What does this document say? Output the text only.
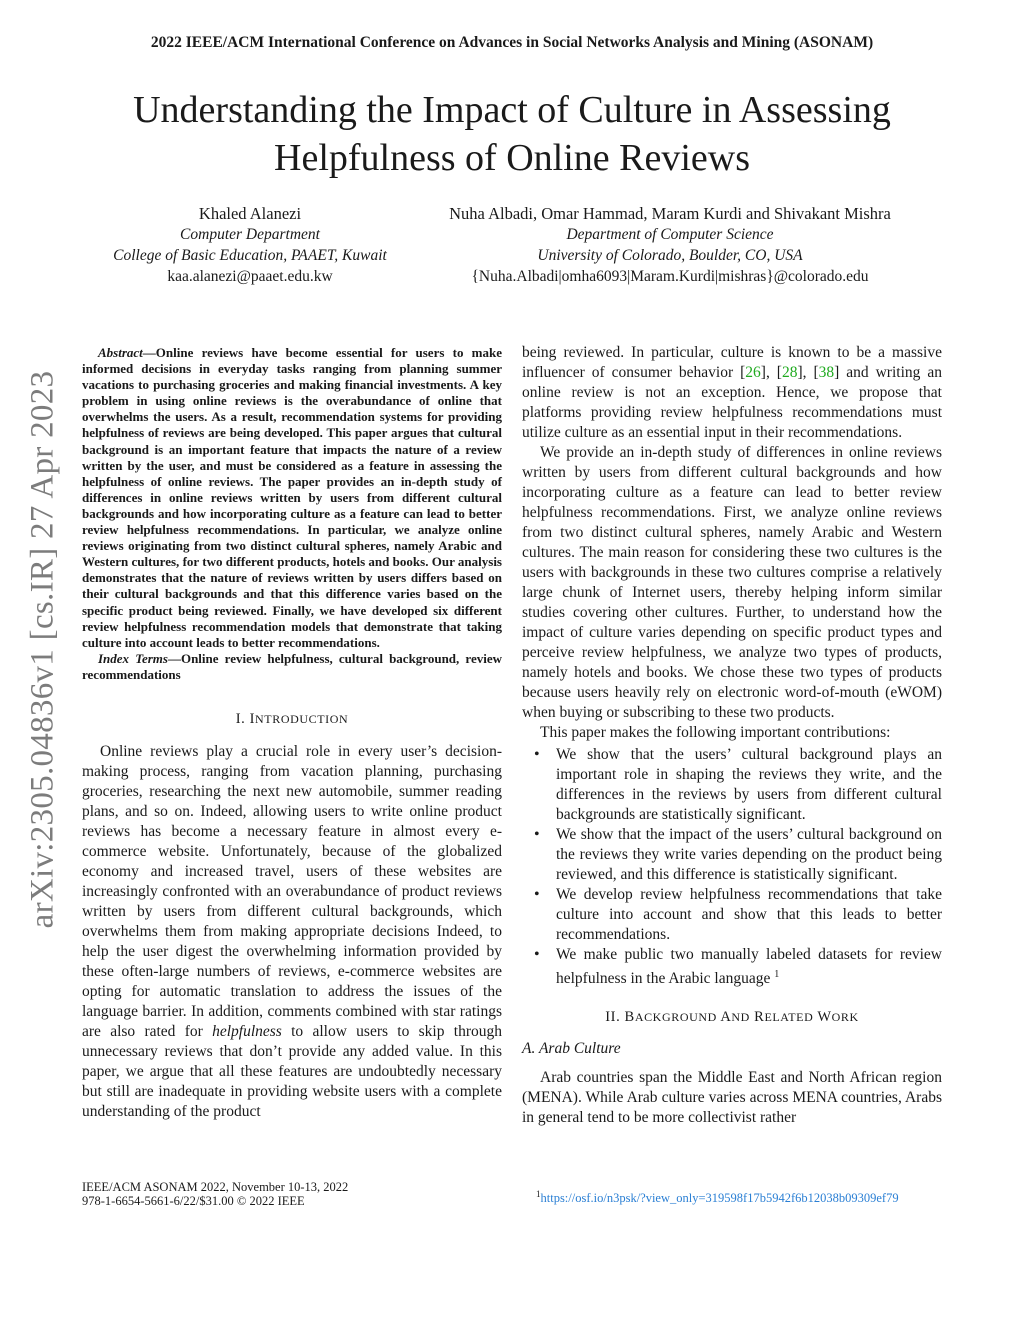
2022 IEEE/ACM International Conference on Advances in Social Networks Analysis and Mining (ASONAM)
Understanding the Impact of Culture in Assessing
Helpfulness of Online Reviews
Khaled Alanezi
Computer Department
College of Basic Education, PAAET, Kuwait
kaa.alanezi@paaet.edu.kw
Nuha Albadi, Omar Hammad, Maram Kurdi and Shivakant Mishra
Department of Computer Science
University of Colorado, Boulder, CO, USA
{Nuha.Albadi|omha6093|Maram.Kurdi|mishras}@colorado.edu
arXiv:2305.04836v1 [cs.IR] 27 Apr 2023

Abstract—Online reviews have become essential for users to make informed decisions in everyday tasks ranging from planning summer vacations to purchasing groceries and making financial investments. A key problem in using online reviews is the overabundance of online that overwhelms the users. As a result, recommendation systems for providing helpfulness of reviews are being developed. This paper argues that cultural background is an important feature that impacts the nature of a review written by the user, and must be considered as a feature in assessing the helpfulness of online reviews. The paper provides an in-depth study of differences in online reviews written by users from different cultural backgrounds and how incorporating culture as a feature can lead to better review helpfulness recommendations. In particular, we analyze online reviews originating from two distinct cultural spheres, namely Arabic and Western cultures, for two different products, hotels and books. Our analysis demonstrates that the nature of reviews written by users differs based on their cultural backgrounds and that this difference varies based on the specific product being reviewed. Finally, we have developed six different review helpfulness recommendation models that demonstrate that taking culture into account leads to better recommendations.

Index Terms—Online review helpfulness, cultural background, review recommendations

I. INTRODUCTION

Online reviews play a crucial role in every user’s decision-making process, ranging from vacation planning, purchasing groceries, researching the next new automobile, summer reading plans, and so on. Indeed, allowing users to write online product reviews has become a necessary feature in almost every e-commerce website. Unfortunately, because of the globalized economy and increased travel, users of these websites are increasingly confronted with an overabundance of product reviews written by users from different cultural backgrounds, which overwhelms them from making appropriate decisions Indeed, to help the user digest the overwhelming information provided by these often-large numbers of reviews, e-commerce websites are opting for automatic translation to address the issues of the language barrier. In addition, comments combined with star ratings are also rated for helpfulness to allow users to skip through unnecessary reviews that don’t provide any added value. In this paper, we argue that all these features are undoubtedly necessary but still are inadequate in providing website users with a complete understanding of the product

being reviewed. In particular, culture is known to be a massive influencer of consumer behavior [26], [28], [38] and writing an online review is not an exception. Hence, we propose that platforms providing review helpfulness recommendations must utilize culture as an essential input in their recommendations.

We provide an in-depth study of differences in online reviews written by users from different cultural backgrounds and how incorporating culture as a feature can lead to better review helpfulness recommendations. First, we analyze online reviews from two distinct cultural spheres, namely Arabic and Western cultures. The main reason for considering these two cultures is the users with backgrounds in these two cultures comprise a relatively large chunk of Internet users, thereby helping inform similar studies covering other cultures. Further, to understand how the impact of culture varies depending on specific product types and perceive review helpfulness, we analyze two types of products, namely hotels and books. We chose these two types of products because users heavily rely on electronic word-of-mouth (eWOM) when buying or subscribing to these two products.

This paper makes the following important contributions:

• We show that the users’ cultural background plays an important role in shaping the reviews they write, and the differences in the reviews by users from different cultural backgrounds are statistically significant.
• We show that the impact of the users’ cultural background on the reviews they write varies depending on the product being reviewed, and this difference is statistically significant.
• We develop review helpfulness recommendations that take culture into account and show that this leads to better recommendations.
• We make public two manually labeled datasets for review helpfulness in the Arabic language $^1$
II. BACKGROUND AND RELATED WORK
A. Arab Culture

Arab countries span the Middle East and North African region (MENA). While Arab culture varies across MENA countries, Arabs in general tend to be more collectivist rather

IEEE/ACM ASONAM 2022, November 10-13, 2022
978-1-6654-5661-6/22/$31.00 © 2022 IEEE	$^1$https://osf.io/n3psk/?view_only=319598f17b5942f6b12038b09309ef79
